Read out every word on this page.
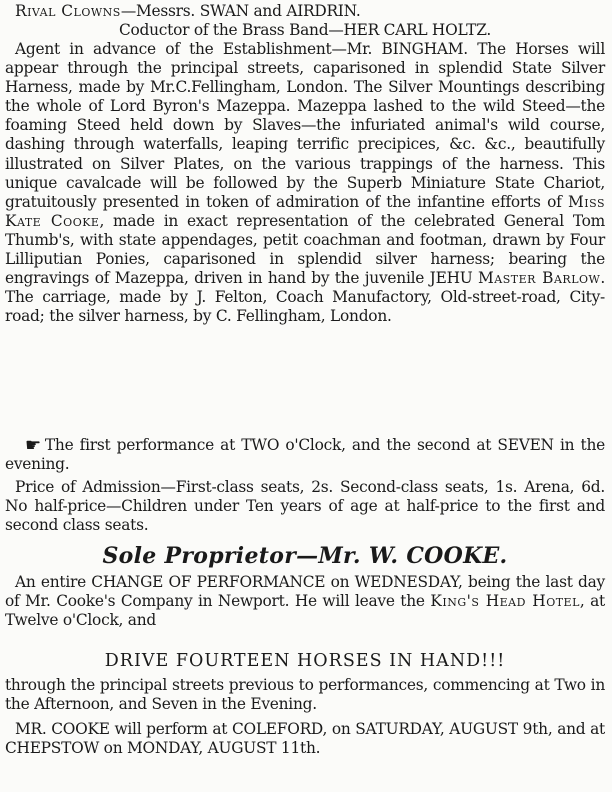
Rival Clowns—Messrs. SWAN and AIRDRIN.

Coductor of the Brass Band—HER CARL HOLTZ.

Agent in advance of the Establishment—Mr. BINGHAM. The Horses will appear through the principal streets, caparisoned in splendid State Silver Harness, made by Mr.C.Fellingham, London. The Silver Mountings describing the whole of Lord Byron's Mazeppa. Mazeppa lashed to the wild Steed—the foaming Steed held down by Slaves—the infuriated animal's wild course, dashing through waterfalls, leaping terrific precipices, &c. &c., beautifully illustrated on Silver Plates, on the various trappings of the harness. This unique cavalcade will be followed by the Superb Miniature State Chariot, gratuitously presented in token of admiration of the infantine efforts of Miss Kate Cooke, made in exact representation of the celebrated General Tom Thumb's, with state appendages, petit coachman and footman, drawn by Four Lilliputian Ponies, caparisoned in splendid silver harness; bearing the engravings of Mazeppa, driven in hand by the juvenile JEHU Master Barlow. The carriage, made by J. Felton, Coach Manufactory, Old-street-road, City-road; the silver harness, by C. Fellingham, London.

☛ The first performance at TWO o'Clock, and the second at SEVEN in the evening.

Price of Admission—First-class seats, 2s. Second-class seats, 1s. Arena, 6d. No half-price—Children under Ten years of age at half-price to the first and second class seats.

Sole Proprietor—Mr. W. COOKE.

An entire CHANGE OF PERFORMANCE on WEDNESDAY, being the last day of Mr. Cooke's Company in Newport. He will leave the King's Head Hotel, at Twelve o'Clock, and

DRIVE FOURTEEN HORSES IN HAND!!!

through the principal streets previous to performances, commencing at Two in the Afternoon, and Seven in the Evening.

MR. COOKE will perform at COLEFORD, on SATURDAY, AUGUST 9th, and at CHEPSTOW on MONDAY, AUGUST 11th.
